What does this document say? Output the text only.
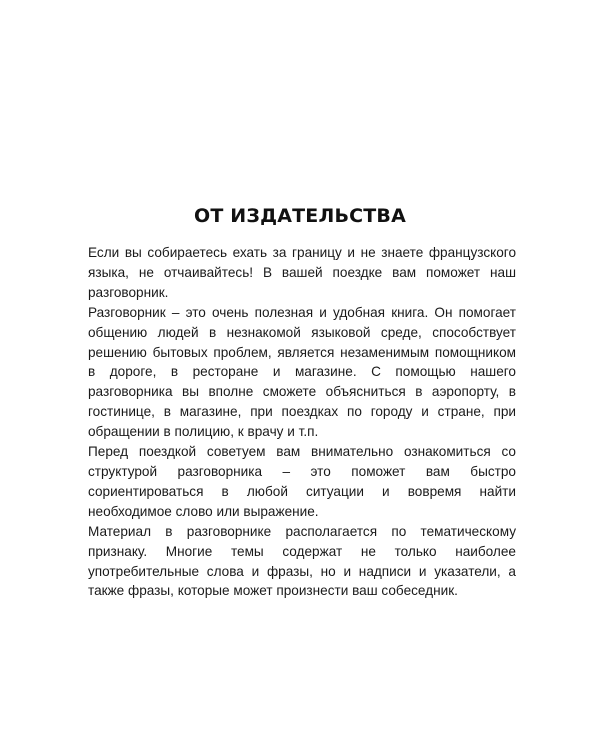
ОТ ИЗДАТЕЛЬСТВА

Если вы собираетесь ехать за границу и не знаете французского языка, не отчаивайтесь! В вашей поездке вам поможет наш разговорник.

Разговорник – это очень полезная и удобная книга. Он помогает общению людей в незнакомой языковой среде, способствует решению бытовых проблем, является незаменимым помощником в дороге, в ресторане и магазине. С помощью нашего разговорника вы вполне сможете объясниться в аэропорту, в гостинице, в магазине, при поездках по городу и стране, при обращении в полицию, к врачу и т.п.

Перед поездкой советуем вам внимательно ознакомиться со структурой разговорника – это поможет вам быстро сориентироваться в любой ситуации и вовремя найти необходимое слово или выражение.

Материал в разговорнике располагается по тематическому признаку. Многие темы содержат не только наиболее употребительные слова и фразы, но и надписи и указатели, а также фразы, которые может произнести ваш собеседник.
